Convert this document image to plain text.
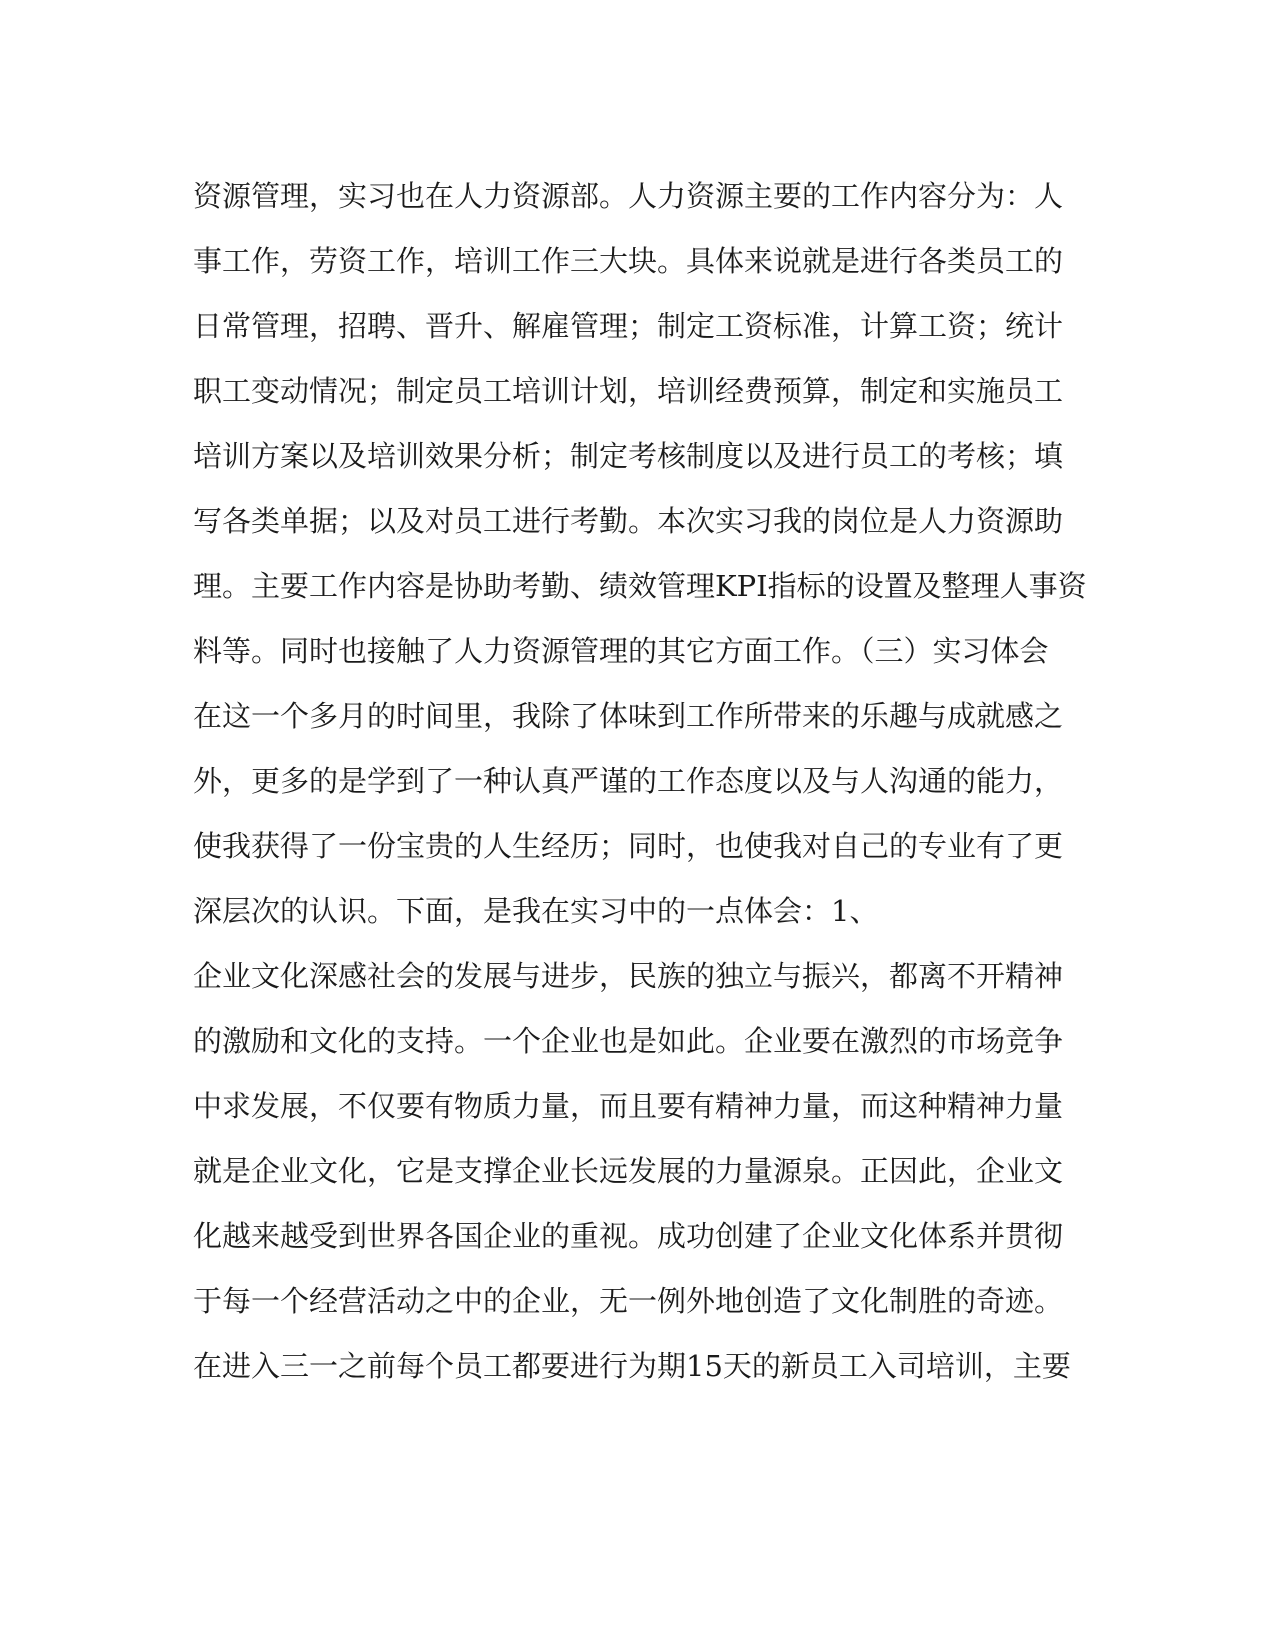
资源管理，实习也在人力资源部。人力资源主要的工作内容分为：人
事工作，劳资工作，培训工作三大块。具体来说就是进行各类员工的
日常管理，招聘、晋升、解雇管理；制定工资标准，计算工资；统计
职工变动情况；制定员工培训计划，培训经费预算，制定和实施员工
培训方案以及培训效果分析；制定考核制度以及进行员工的考核；填
写各类单据；以及对员工进行考勤。本次实习我的岗位是人力资源助
理。主要工作内容是协助考勤、绩效管理KPI指标的设置及整理人事资
料等。同时也接触了人力资源管理的其它方面工作。（三）实习体会
在这一个多月的时间里，我除了体味到工作所带来的乐趣与成就感之
外，更多的是学到了一种认真严谨的工作态度以及与人沟通的能力，
使我获得了一份宝贵的人生经历；同时，也使我对自己的专业有了更
深层次的认识。下面，是我在实习中的一点体会：1、
企业文化深感社会的发展与进步，民族的独立与振兴，都离不开精神
的激励和文化的支持。一个企业也是如此。企业要在激烈的市场竞争
中求发展，不仅要有物质力量，而且要有精神力量，而这种精神力量
就是企业文化，它是支撑企业长远发展的力量源泉。正因此，企业文
化越来越受到世界各国企业的重视。成功创建了企业文化体系并贯彻
于每一个经营活动之中的企业，无一例外地创造了文化制胜的奇迹。
在进入三一之前每个员工都要进行为期15天的新员工入司培训，主要
